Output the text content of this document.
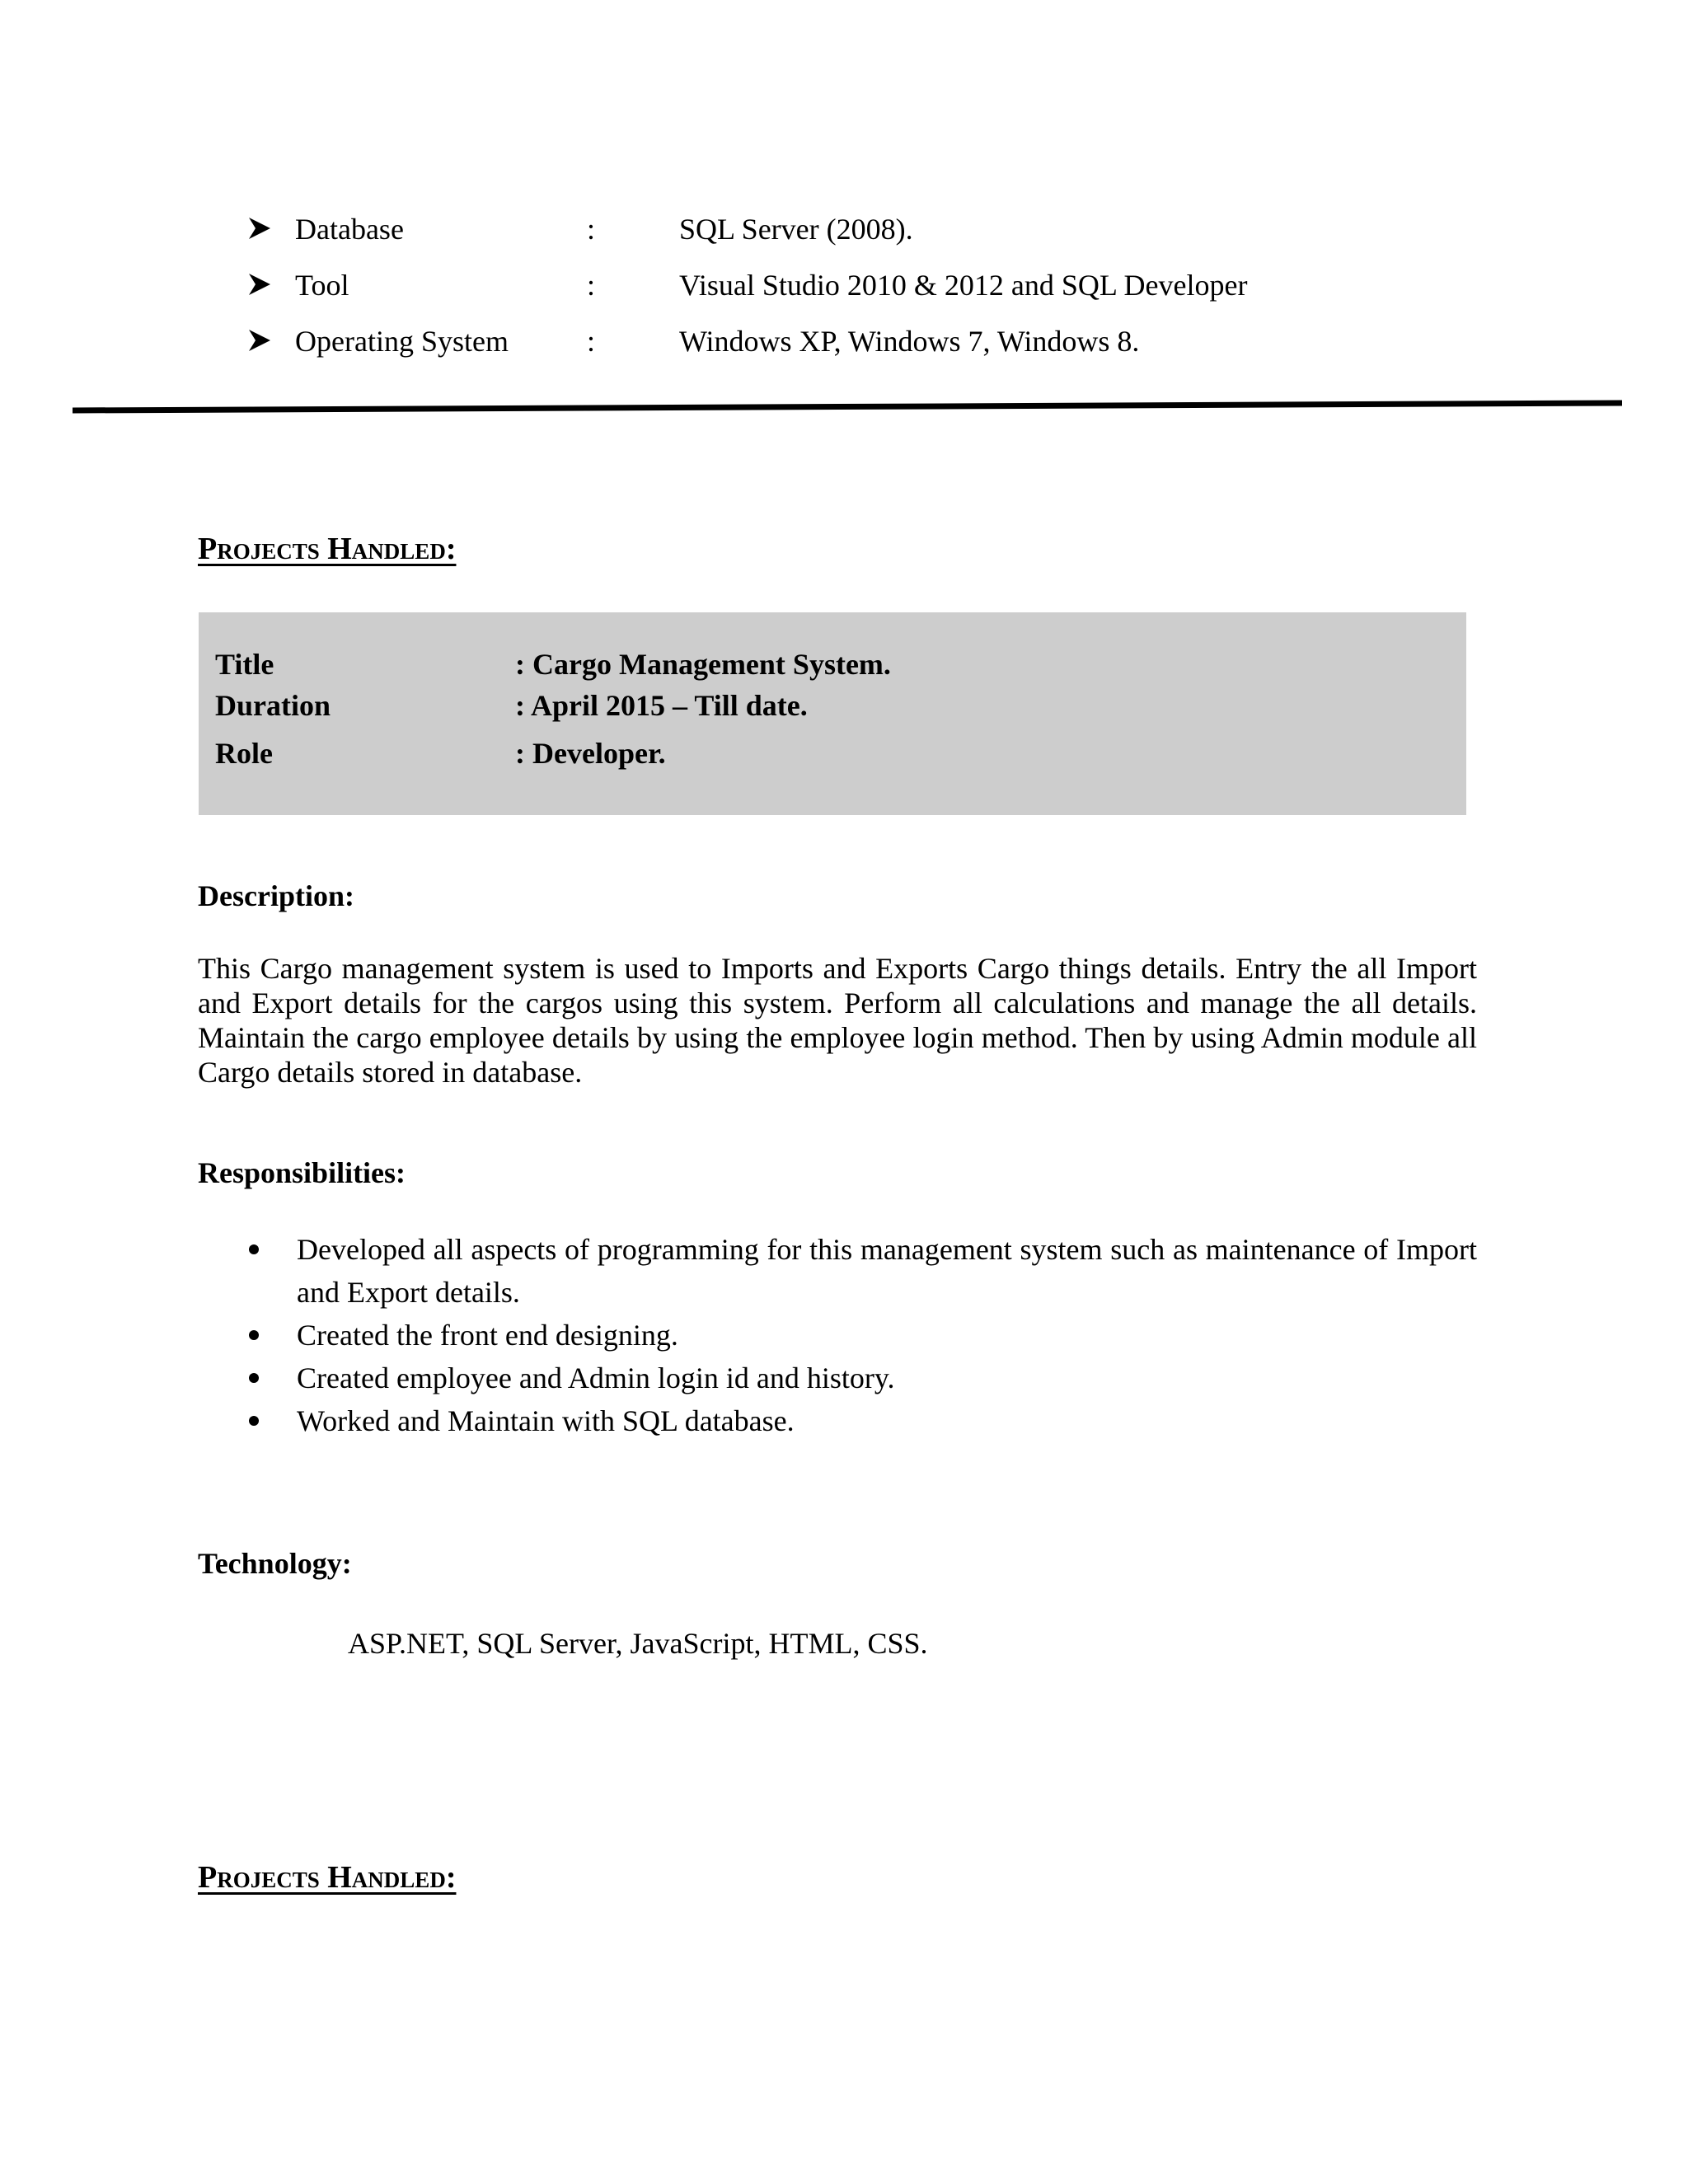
Database	:	SQL Server (2008).
Tool	:	Visual Studio 2010 & 2012 and SQL Developer
Operating System	:	Windows XP, Windows 7, Windows 8.
Projects Handled:
Title	: Cargo Management System.
Duration	: April 2015 – Till date.
Role	: Developer.
Description:
This Cargo management system is used to Imports and Exports Cargo things details. Entry the all Import and Export details for the cargos using this system. Perform all calculations and manage the all details. Maintain the cargo employee details by using the employee login method. Then by using Admin module all Cargo details stored in database.
Responsibilities:
Developed all aspects of programming for this management system such as maintenance of Import and Export details.
Created the front end designing.
Created employee and Admin login id and history.
Worked and Maintain with SQL database.
Technology:
ASP.NET, SQL Server, JavaScript, HTML, CSS.
Projects Handled:
